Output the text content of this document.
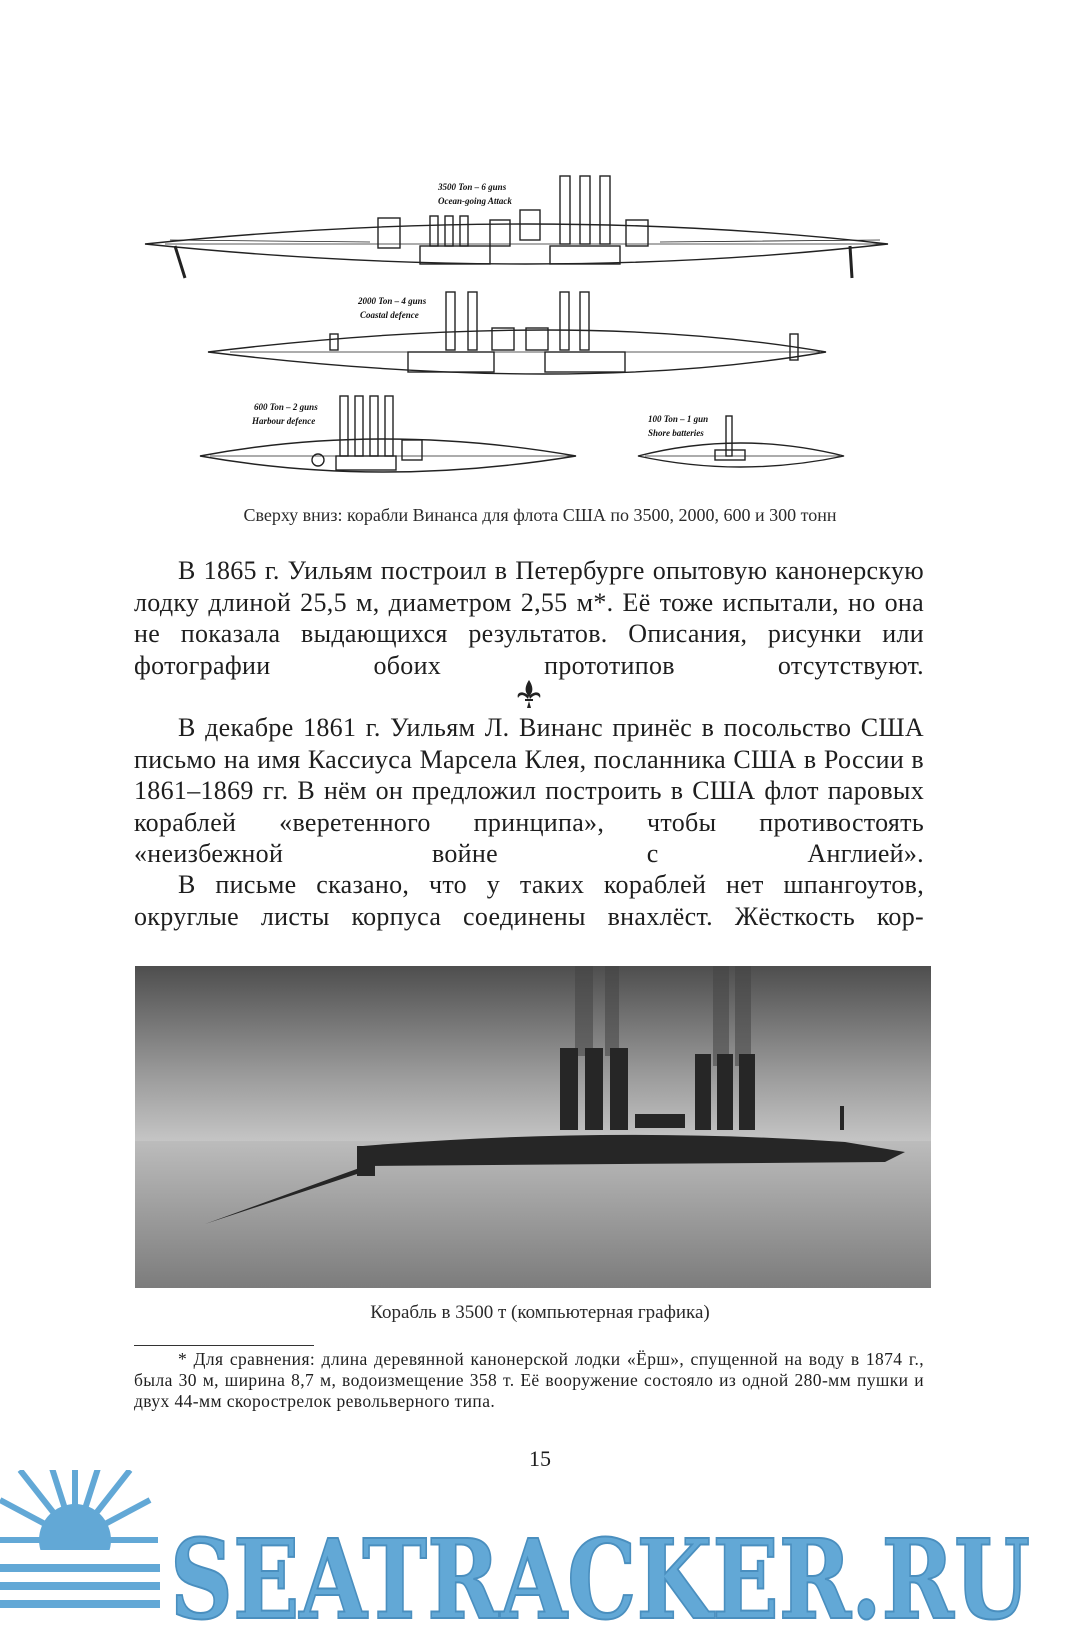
3500 Ton – 6 guns
Ocean-going Attack
2000 Ton – 4 guns
Coastal defence
600 Ton – 2 guns
Harbour defence	100 Ton – 1 gun
Shore batteries
Сверху вниз: корабли Винанса для флота США по 3500, 2000, 600 и 300 тонн

В 1865 г. Уильям построил в Петербурге опытовую канонерскую лодку длиной 25,5 м, диаметром 2,55 м*. Её тоже испытали, но она не показала выдающихся результатов. Описания, рисунки или фотографии обоих прототипов отсутствуют.

В декабре 1861 г. Уильям Л. Винанс принёс в посольство США письмо на имя Кассиуса Марсела Клея, посланника США в России в 1861–1869 гг. В нём он предложил построить в США флот паровых кораблей «веретенного принципа», чтобы противостоять «неизбежной войне с Англией».

В письме сказано, что у таких кораблей нет шпангоутов, округлые листы корпуса соединены внахлёст. Жёсткость кор-

Корабль в 3500 т (компьютерная графика)

* Для сравнения: длина деревянной канонерской лодки «Ёрш», спущенной на воду в 1874 г., была 30 м, ширина 8,7 м, водоизмещение 358 т. Её вооружение состояло из одной 280-мм пушки и двух 44-мм скорострелок револьверного типа.

15
SEATRACKER.RU
